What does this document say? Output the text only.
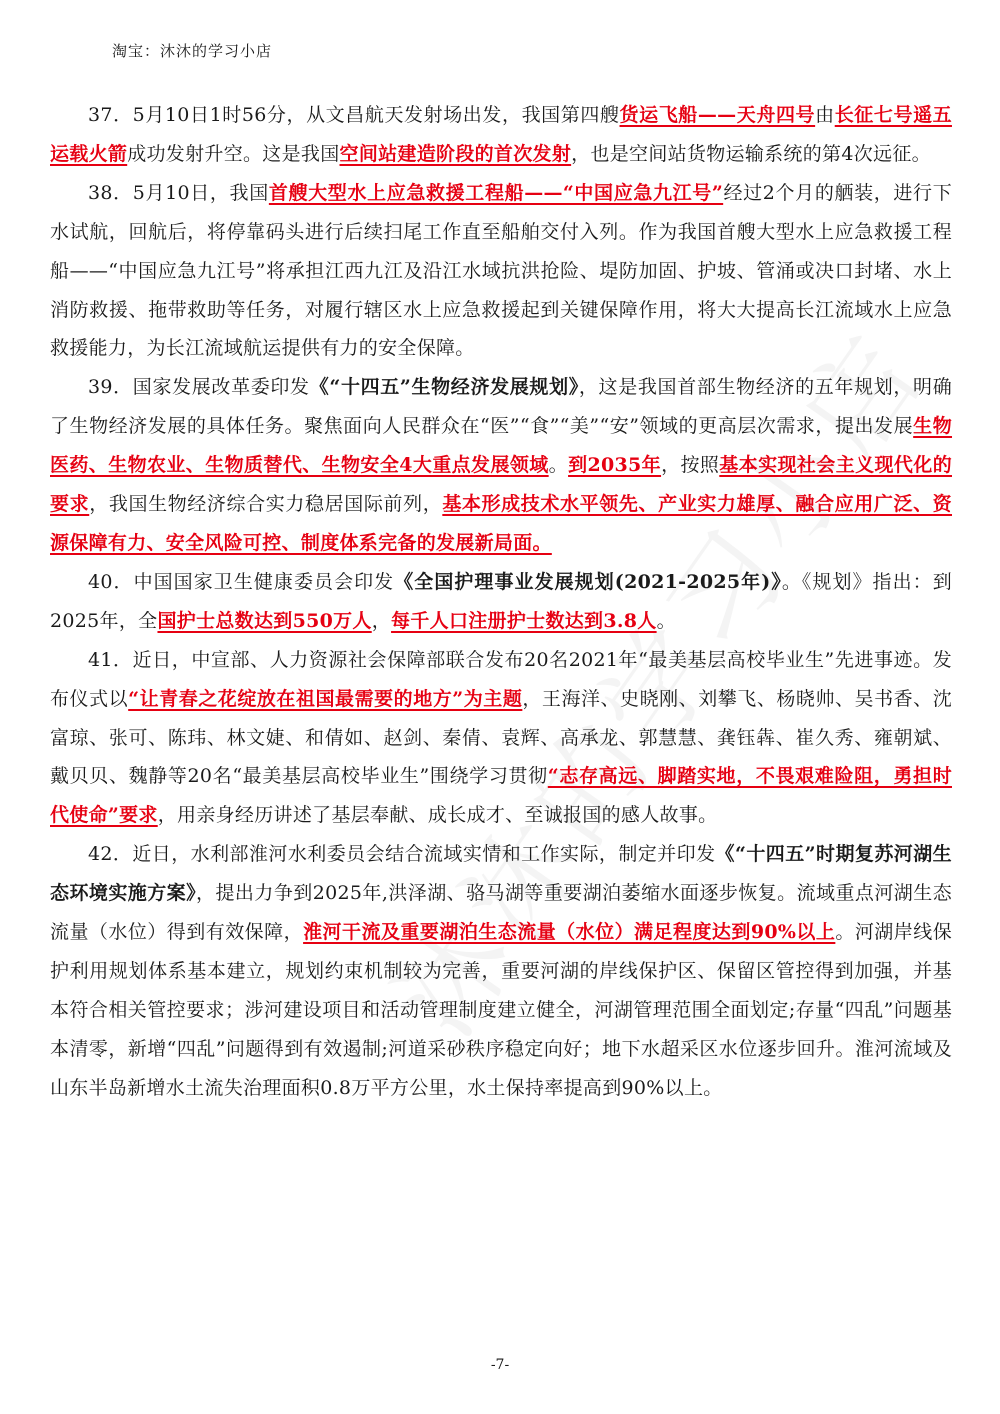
淘宝：沐沐的学习小店

37．5月10日1时56分，从文昌航天发射场出发，我国第四艘货运飞船——天舟四号由长征七号遥五运载火箭成功发射升空。这是我国空间站建造阶段的首次发射，也是空间站货物运输系统的第4次远征。

38．5月10日，我国首艘大型水上应急救援工程船——“中国应急九江号”经过2个月的舾装，进行下水试航，回航后，将停靠码头进行后续扫尾工作直至船舶交付入列。作为我国首艘大型水上应急救援工程船——“中国应急九江号”将承担江西九江及沿江水域抗洪抢险、堤防加固、护坡、管涌或决口封堵、水上消防救援、拖带救助等任务，对履行辖区水上应急救援起到关键保障作用，将大大提高长江流域水上应急救援能力，为长江流域航运提供有力的安全保障。

39．国家发展改革委印发《“十四五”生物经济发展规划》，这是我国首部生物经济的五年规划，明确了生物经济发展的具体任务。聚焦面向人民群众在“医”“食”“美”“安”领域的更高层次需求，提出发展生物医药、生物农业、生物质替代、生物安全4大重点发展领域。到2035年，按照基本实现社会主义现代化的要求，我国生物经济综合实力稳居国际前列，基本形成技术水平领先、产业实力雄厚、融合应用广泛、资源保障有力、安全风险可控、制度体系完备的发展新局面。

40．中国国家卫生健康委员会印发《全国护理事业发展规划(2021-2025年)》。《规划》指出：到2025年，全国护士总数达到550万人，每千人口注册护士数达到3.8人。

41．近日，中宣部、人力资源社会保障部联合发布20名2021年“最美基层高校毕业生”先进事迹。发布仪式以“让青春之花绽放在祖国最需要的地方”为主题，王海洋、史晓刚、刘攀飞、杨晓帅、吴书香、沈富琼、张可、陈玮、林文婕、和倩如、赵剑、秦倩、袁辉、高承龙、郭慧慧、龚钰犇、崔久秀、雍朝斌、戴贝贝、魏静等20名“最美基层高校毕业生”围绕学习贯彻“志存高远、脚踏实地，不畏艰难险阻，勇担时代使命”要求，用亲身经历讲述了基层奉献、成长成才、至诚报国的感人故事。

42．近日，水利部淮河水利委员会结合流域实情和工作实际，制定并印发《“十四五”时期复苏河湖生态环境实施方案》，提出力争到2025年,洪泽湖、骆马湖等重要湖泊萎缩水面逐步恢复。流域重点河湖生态流量（水位）得到有效保障，淮河干流及重要湖泊生态流量（水位）满足程度达到90%以上。河湖岸线保护利用规划体系基本建立，规划约束机制较为完善，重要河湖的岸线保护区、保留区管控得到加强，并基本符合相关管控要求；涉河建设项目和活动管理制度建立健全，河湖管理范围全面划定;存量“四乱”问题基本清零，新增“四乱”问题得到有效遏制;河道采砂秩序稳定向好；地下水超采区水位逐步回升。淮河流域及山东半岛新增水土流失治理面积0.8万平方公里，水土保持率提高到90%以上。

-7-
